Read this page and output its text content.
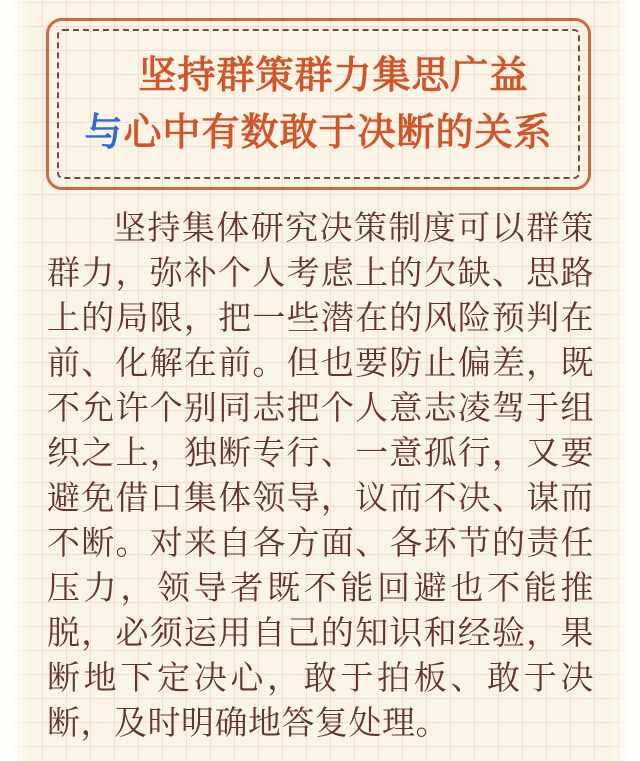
坚持群策群力集思广益
与心中有数敢于决断的关系
坚持集体研究决策制度可以群策群力，弥补个人考虑上的欠缺、思路上的局限，把一些潜在的风险预判在前、化解在前。但也要防止偏差，既不允许个别同志把个人意志凌驾于组织之上，独断专行、一意孤行，又要避免借口集体领导，议而不决、谋而不断。对来自各方面、各环节的责任压力，领导者既不能回避也不能推脱，必须运用自己的知识和经验，果断地下定决心，敢于拍板、敢于决断，及时明确地答复处理。
